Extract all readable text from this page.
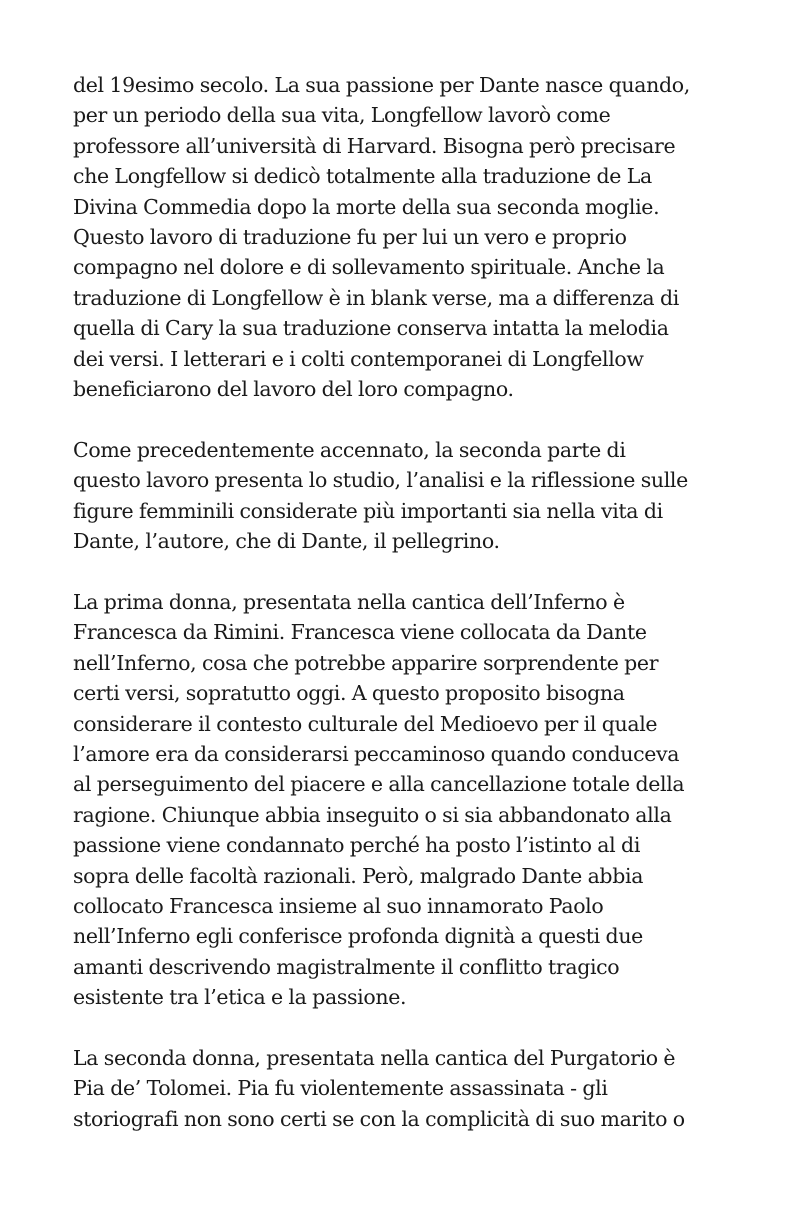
del 19esimo secolo. La sua passione per Dante nasce quando,
per un periodo della sua vita, Longfellow lavorò come
professore all’università di Harvard. Bisogna però precisare
che Longfellow si dedicò totalmente alla traduzione de La
Divina Commedia dopo la morte della sua seconda moglie.
Questo lavoro di traduzione fu per lui un vero e proprio
compagno nel dolore e di sollevamento spirituale. Anche la
traduzione di Longfellow è in blank verse, ma a differenza di
quella di Cary la sua traduzione conserva intatta la melodia
dei versi. I letterari e i colti contemporanei di Longfellow
beneficiarono del lavoro del loro compagno.

Come precedentemente accennato, la seconda parte di
questo lavoro presenta lo studio, l’analisi e la riflessione sulle
figure femminili considerate più importanti sia nella vita di
Dante, l’autore, che di Dante, il pellegrino.

La prima donna, presentata nella cantica dell’Inferno è
Francesca da Rimini. Francesca viene collocata da Dante
nell’Inferno, cosa che potrebbe apparire sorprendente per
certi versi, sopratutto oggi. A questo proposito bisogna
considerare il contesto culturale del Medioevo per il quale
l’amore era da considerarsi peccaminoso quando conduceva
al perseguimento del piacere e alla cancellazione totale della
ragione. Chiunque abbia inseguito o si sia abbandonato alla
passione viene condannato perché ha posto l’istinto al di
sopra delle facoltà razionali. Però, malgrado Dante abbia
collocato Francesca insieme al suo innamorato Paolo
nell’Inferno egli conferisce profonda dignità a questi due
amanti descrivendo magistralmente il conflitto tragico
esistente tra l’etica e la passione.

La seconda donna, presentata nella cantica del Purgatorio è
Pia de’ Tolomei. Pia fu violentemente assassinata - gli
storiografi non sono certi se con la complicità di suo marito o
